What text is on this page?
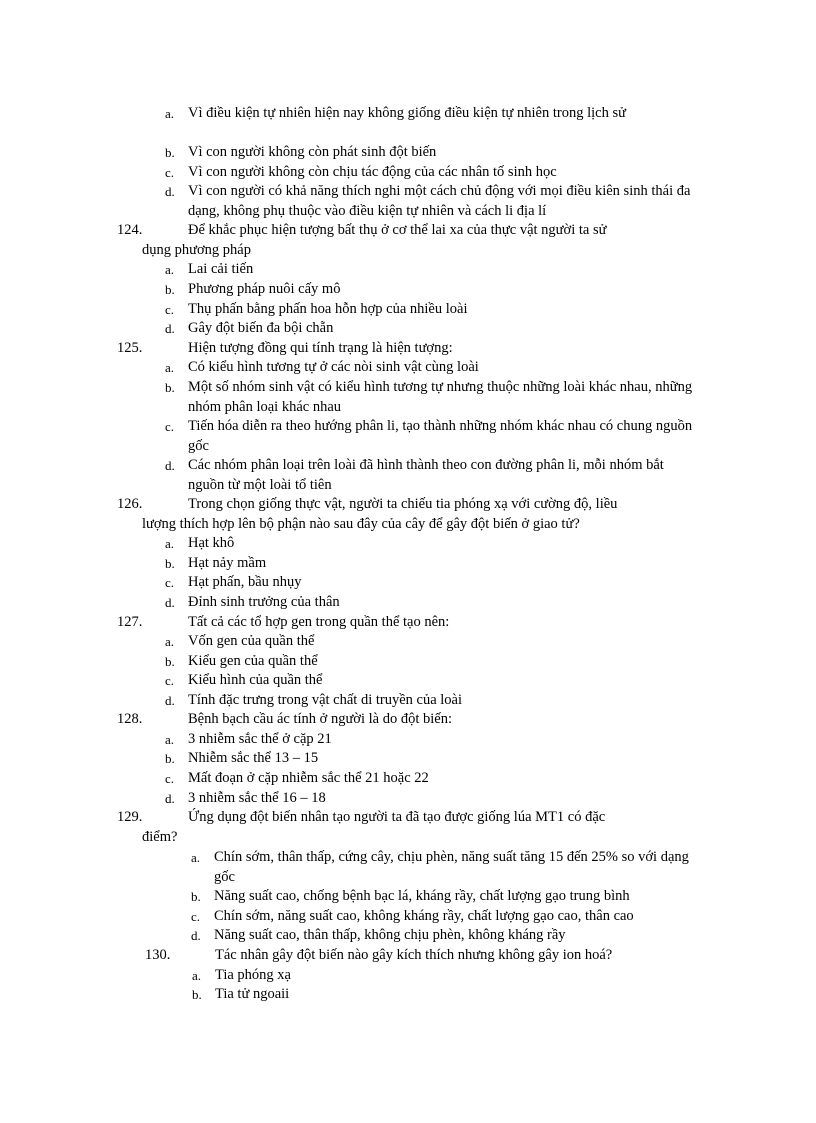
a. Vì điều kiện tự nhiên hiện nay không giống điều kiện tự nhiên trong lịch sử
b. Vì con người không còn phát sinh đột biến
c. Vì con người không còn chịu tác động của các nhân tố sinh học
d. Vì con người có khả năng thích nghi một cách chủ động với mọi điều kiên sinh thái đa dạng, không phụ thuộc vào điều kiện tự nhiên và cách li địa lí
124.	Để khắc phục hiện tượng bất thụ ở cơ thể lai xa của thực vật người ta sử
dụng phương pháp
a. Lai cải tiến
b. Phương pháp nuôi cấy mô
c. Thụ phấn bằng phấn hoa hỗn hợp của nhiều loài
d. Gây đột biến đa bội chẵn
125.	Hiện tượng đồng qui tính trạng là hiện tượng:
a. Có kiểu hình tương tự ở các nòi sinh vật cùng loài
b. Một số nhóm sinh vật có kiểu hình tương tự nhưng thuộc những loài khác nhau, những nhóm phân loại khác nhau
c. Tiến hóa diễn ra theo hướng phân li, tạo thành những nhóm khác nhau có chung nguồn gốc
d. Các nhóm phân loại trên loài đã hình thành theo con đường phân li, mỗi nhóm bắt nguồn từ một loài tổ tiên
126.	Trong chọn giống thực vật, người ta chiếu tia phóng xạ với cường độ, liều
lượng thích hợp lên bộ phận nào sau đây của cây để gây đột biến ở giao tử?
a. Hạt khô
b. Hạt nảy mầm
c. Hạt phấn, bầu nhụy
d. Đỉnh sinh trưởng của thân
127.	Tất cả các tổ hợp gen trong quần thể tạo nên:
a. Vốn gen của quần thể
b. Kiểu gen của quần thể
c. Kiểu hình của quần thể
d. Tính đặc trưng trong vật chất di truyền của loài
128.	Bệnh bạch cầu ác tính ở người là do đột biến:
a. 3 nhiễm sắc thể ở cặp 21
b. Nhiễm sắc thể 13 – 15
c. Mất đoạn ở cặp nhiễm sắc thể 21 hoặc 22
d. 3 nhiễm sắc thể 16 – 18
129.	Ứng dụng đột biến nhân tạo người ta đã tạo được giống lúa MT1 có đặc
điểm?
a. Chín sớm, thân thấp, cứng cây, chịu phèn, năng suất tăng 15 đến 25% so với dạng gốc
b. Năng suất cao, chống bệnh bạc lá, kháng rầy, chất lượng gạo trung bình
c. Chín sớm, năng suất cao, không kháng rầy, chất lượng gạo cao, thân cao
d. Năng suất cao, thân thấp, không chịu phèn, không kháng rầy
130.	Tác nhân gây đột biến nào gây kích thích nhưng không gây ion hoá?
a. Tia phóng xạ
b. Tia tử ngoaii
